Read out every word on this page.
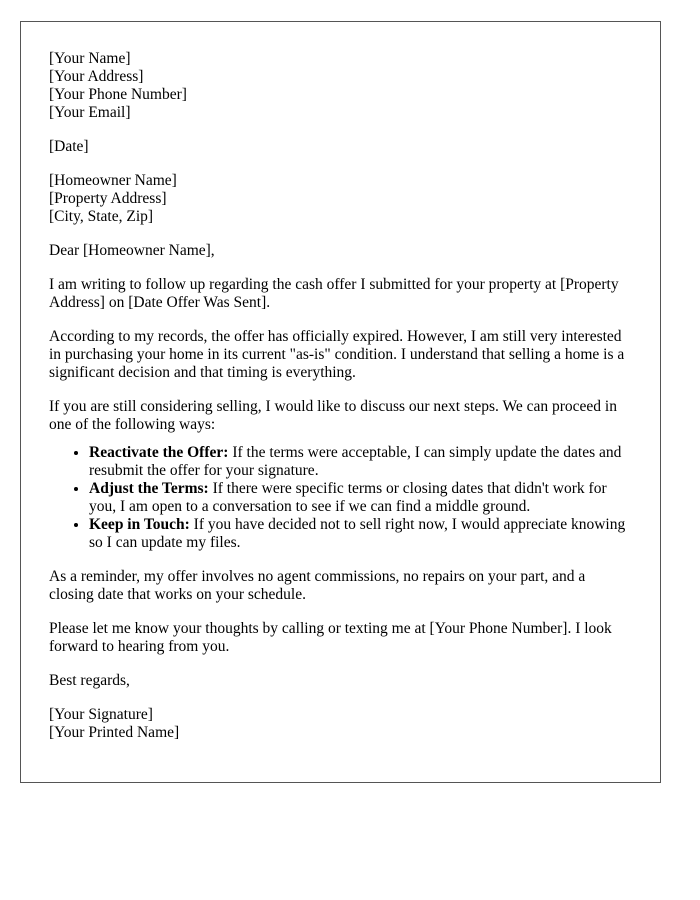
[Your Name]
[Your Address]
[Your Phone Number]
[Your Email]
[Date]
[Homeowner Name]
[Property Address]
[City, State, Zip]

Dear [Homeowner Name],

I am writing to follow up regarding the cash offer I submitted for your property at [Property Address] on [Date Offer Was Sent].

According to my records, the offer has officially expired. However, I am still very interested in purchasing your home in its current "as-is" condition. I understand that selling a home is a significant decision and that timing is everything.

If you are still considering selling, I would like to discuss our next steps. We can proceed in one of the following ways:

• Reactivate the Offer: If the terms were acceptable, I can simply update the dates and resubmit the offer for your signature.
• Adjust the Terms: If there were specific terms or closing dates that didn't work for you, I am open to a conversation to see if we can find a middle ground.
• Keep in Touch: If you have decided not to sell right now, I would appreciate knowing so I can update my files.

As a reminder, my offer involves no agent commissions, no repairs on your part, and a closing date that works on your schedule.

Please let me know your thoughts by calling or texting me at [Your Phone Number]. I look forward to hearing from you.

Best regards,

[Your Signature]
[Your Printed Name]
